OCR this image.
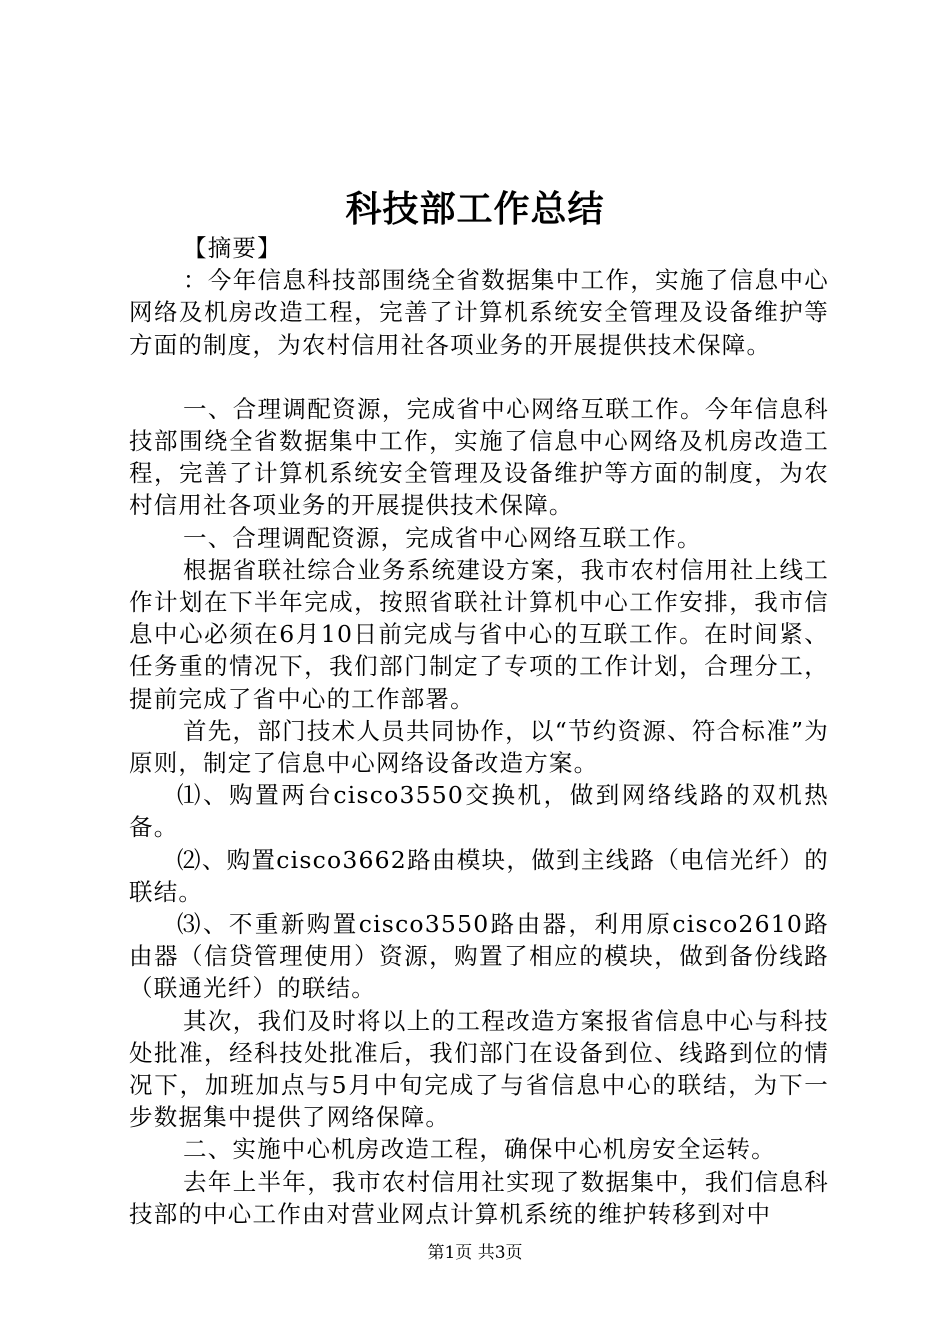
科技部工作总结

【摘要】

：今年信息科技部围绕全省数据集中工作，实施了信息中心网络及机房改造工程，完善了计算机系统安全管理及设备维护等方面的制度，为农村信用社各项业务的开展提供技术保障。

一、合理调配资源，完成省中心网络互联工作。今年信息科技部围绕全省数据集中工作，实施了信息中心网络及机房改造工程，完善了计算机系统安全管理及设备维护等方面的制度，为农村信用社各项业务的开展提供技术保障。

一、合理调配资源，完成省中心网络互联工作。

根据省联社综合业务系统建设方案，我市农村信用社上线工作计划在下半年完成，按照省联社计算机中心工作安排，我市信息中心必须在6月10日前完成与省中心的互联工作。在时间紧、任务重的情况下，我们部门制定了专项的工作计划，合理分工，提前完成了省中心的工作部署。

首先，部门技术人员共同协作，以“节约资源、符合标准”为原则，制定了信息中心网络设备改造方案。

⑴、购置两台cisco3550交换机，做到网络线路的双机热备。

⑵、购置cisco3662路由模块，做到主线路（电信光纤）的联结。

⑶、不重新购置cisco3550路由器，利用原cisco2610路由器（信贷管理使用）资源，购置了相应的模块，做到备份线路（联通光纤）的联结。

其次，我们及时将以上的工程改造方案报省信息中心与科技处批准，经科技处批准后，我们部门在设备到位、线路到位的情况下，加班加点与5月中旬完成了与省信息中心的联结，为下一步数据集中提供了网络保障。

二、实施中心机房改造工程，确保中心机房安全运转。

去年上半年，我市农村信用社实现了数据集中，我们信息科技部的中心工作由对营业网点计算机系统的维护转移到对中

第1页 共3页
